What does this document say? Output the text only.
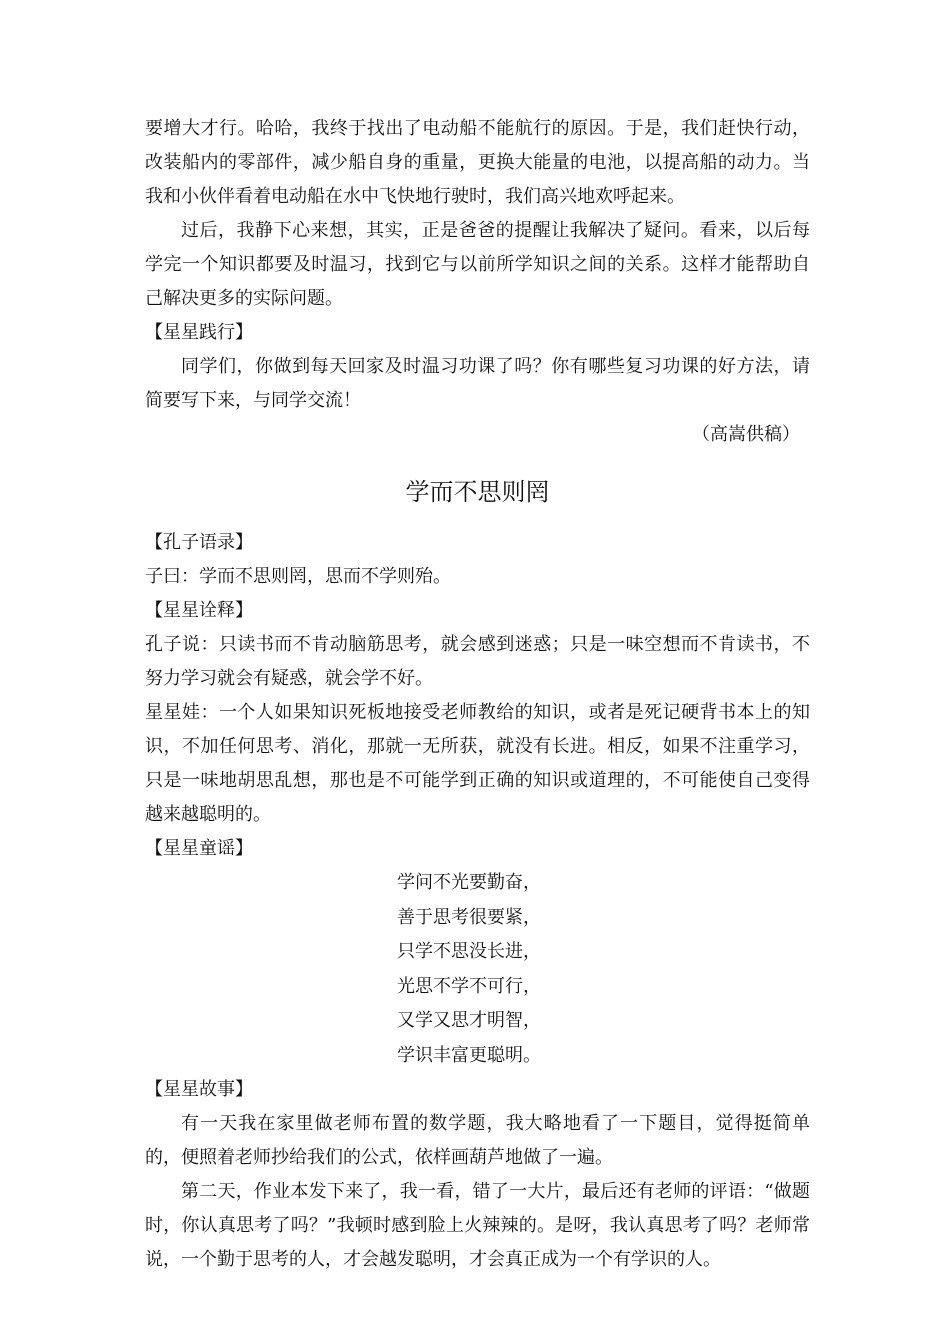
要增大才行。哈哈，我终于找出了电动船不能航行的原因。于是，我们赶快行动，改装船内的零部件，减少船自身的重量，更换大能量的电池，以提高船的动力。当我和小伙伴看着电动船在水中飞快地行驶时，我们高兴地欢呼起来。

过后，我静下心来想，其实，正是爸爸的提醒让我解决了疑问。看来，以后每学完一个知识都要及时温习，找到它与以前所学知识之间的关系。这样才能帮助自己解决更多的实际问题。

【星星践行】

同学们，你做到每天回家及时温习功课了吗？你有哪些复习功课的好方法，请简要写下来，与同学交流！

（高嵩供稿）

学而不思则罔
【孔子语录】

子曰：学而不思则罔，思而不学则殆。

【星星诠释】

孔子说：只读书而不肯动脑筋思考，就会感到迷惑；只是一味空想而不肯读书，不努力学习就会有疑惑，就会学不好。

星星娃：一个人如果知识死板地接受老师教给的知识，或者是死记硬背书本上的知识，不加任何思考、消化，那就一无所获，就没有长进。相反，如果不注重学习，只是一味地胡思乱想，那也是不可能学到正确的知识或道理的，不可能使自己变得越来越聪明的。

【星星童谣】
学问不光要勤奋，
善于思考很要紧，
只学不思没长进，
光思不学不可行，
又学又思才明智，
学识丰富更聪明。
【星星故事】

有一天我在家里做老师布置的数学题，我大略地看了一下题目，觉得挺简单的，便照着老师抄给我们的公式，依样画葫芦地做了一遍。

第二天，作业本发下来了，我一看，错了一大片，最后还有老师的评语：“做题时，你认真思考了吗？”我顿时感到脸上火辣辣的。是呀，我认真思考了吗？老师常说，一个勤于思考的人，才会越发聪明，才会真正成为一个有学识的人。
